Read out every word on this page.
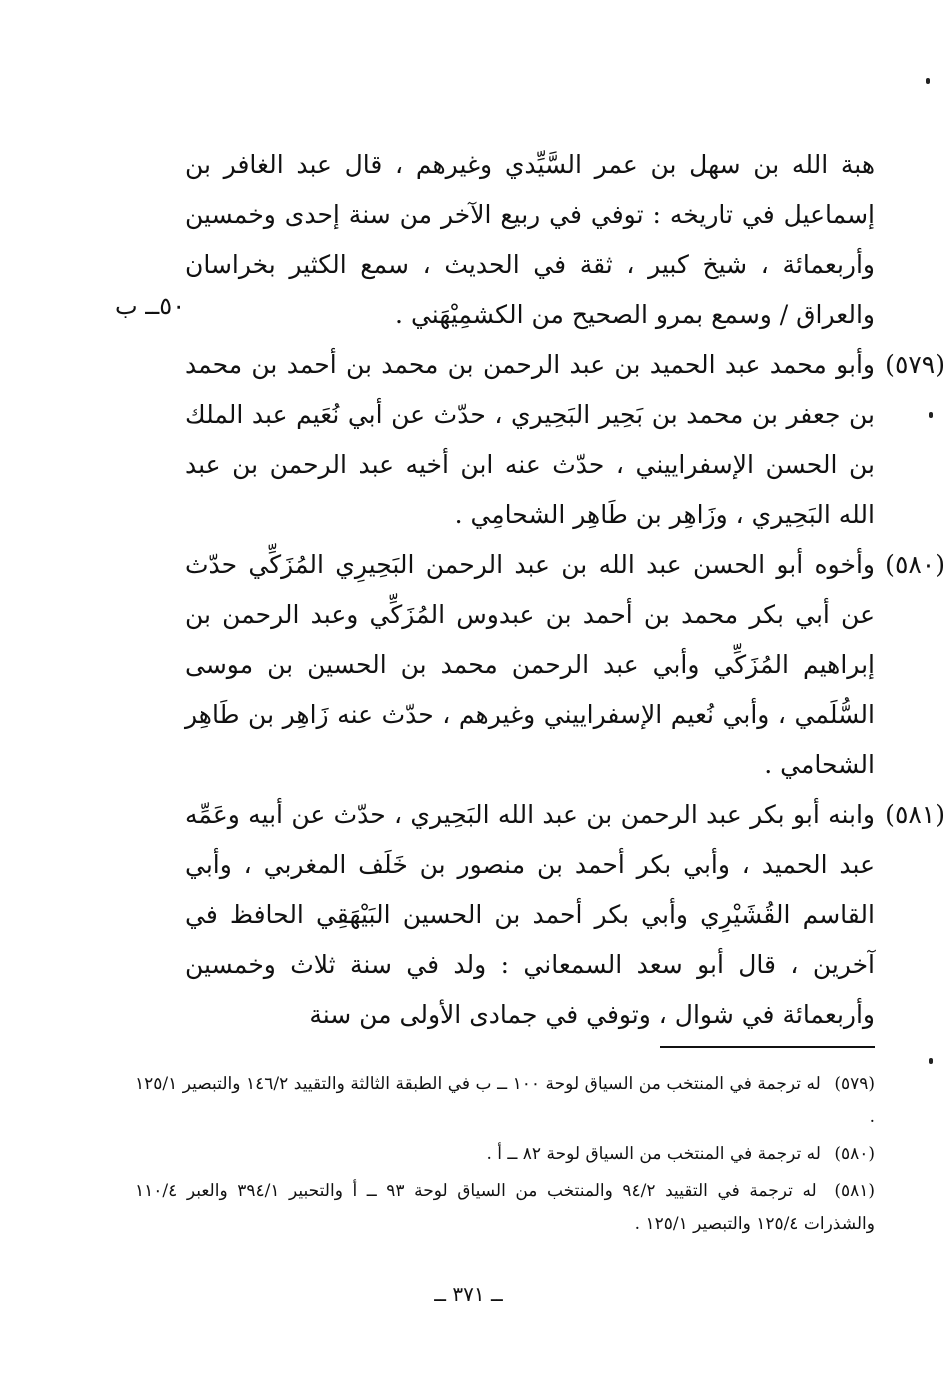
هبة الله بن سهل بن عمر السَّيِّدي وغيرهم ، قال عبد الغافر بن إسماعيل في تاريخه : توفي في ربيع الآخر من سنة إحدى وخمسين وأربعمائة ، شيخ كبير ، ثقة في الحديث ، سمع الكثير بخراسان والعراق / وسمع بمرو الصحيح من الكشمِيْهَني .

(٥٧٩)
وأبو محمد عبد الحميد بن عبد الرحمن بن محمد بن أحمد بن محمد بن جعفر بن محمد بن بَحِير البَحِيري ، حدّث عن أبي نُعَيم عبد الملك بن الحسن الإسفراييني ، حدّث عنه ابن أخيه عبد الرحمن بن عبد الله البَحِيري ، وزَاهِر بن طَاهِر الشحامِي .
(٥٨٠)
وأخوه أبو الحسن عبد الله بن عبد الرحمن البَحِيرِي المُزَكِّي حدّث عن أبي بكر محمد بن أحمد بن عبدوس المُزَكِّي وعبد الرحمن بن إبراهيم المُزَكِّي وأبي عبد الرحمن محمد بن الحسين بن موسى السُّلَمي ، وأبي نُعيم الإسفراييني وغيرهم ، حدّث عنه زَاهِر بن طَاهِر الشحامي .
(٥٨١)
وابنه أبو بكر عبد الرحمن بن عبد الله البَحِيري ، حدّث عن أبيه وعَمِّه عبد الحميد ، وأبي بكر أحمد بن منصور بن خَلَف المغربي ، وأبي القاسم القُشَيْرِي وأبي بكر أحمد بن الحسين البَيْهَقِي الحافظ في آخرين ، قال أبو سعد السمعاني : ولد في سنة ثلاث وخمسين وأربعمائة في شوال ، وتوفي في جمادى الأولى من سنة
٥٠ــ ب

(٥٧٩) له ترجمة في المنتخب من السياق لوحة ١٠٠ ــ ب في الطبقة الثالثة والتقييد ١٤٦/٢ والتبصير ١٢٥/١ .

(٥٨٠) له ترجمة في المنتخب من السياق لوحة ٨٢ ــ أ .

(٥٨١) له ترجمة في التقييد ٩٤/٢ والمنتخب من السياق لوحة ٩٣ ــ أ والتحبير ٣٩٤/١ والعبر ١١٠/٤ والشذرات ١٢٥/٤ والتبصير ١٢٥/١ .

ــ ٣٧١ ــ
